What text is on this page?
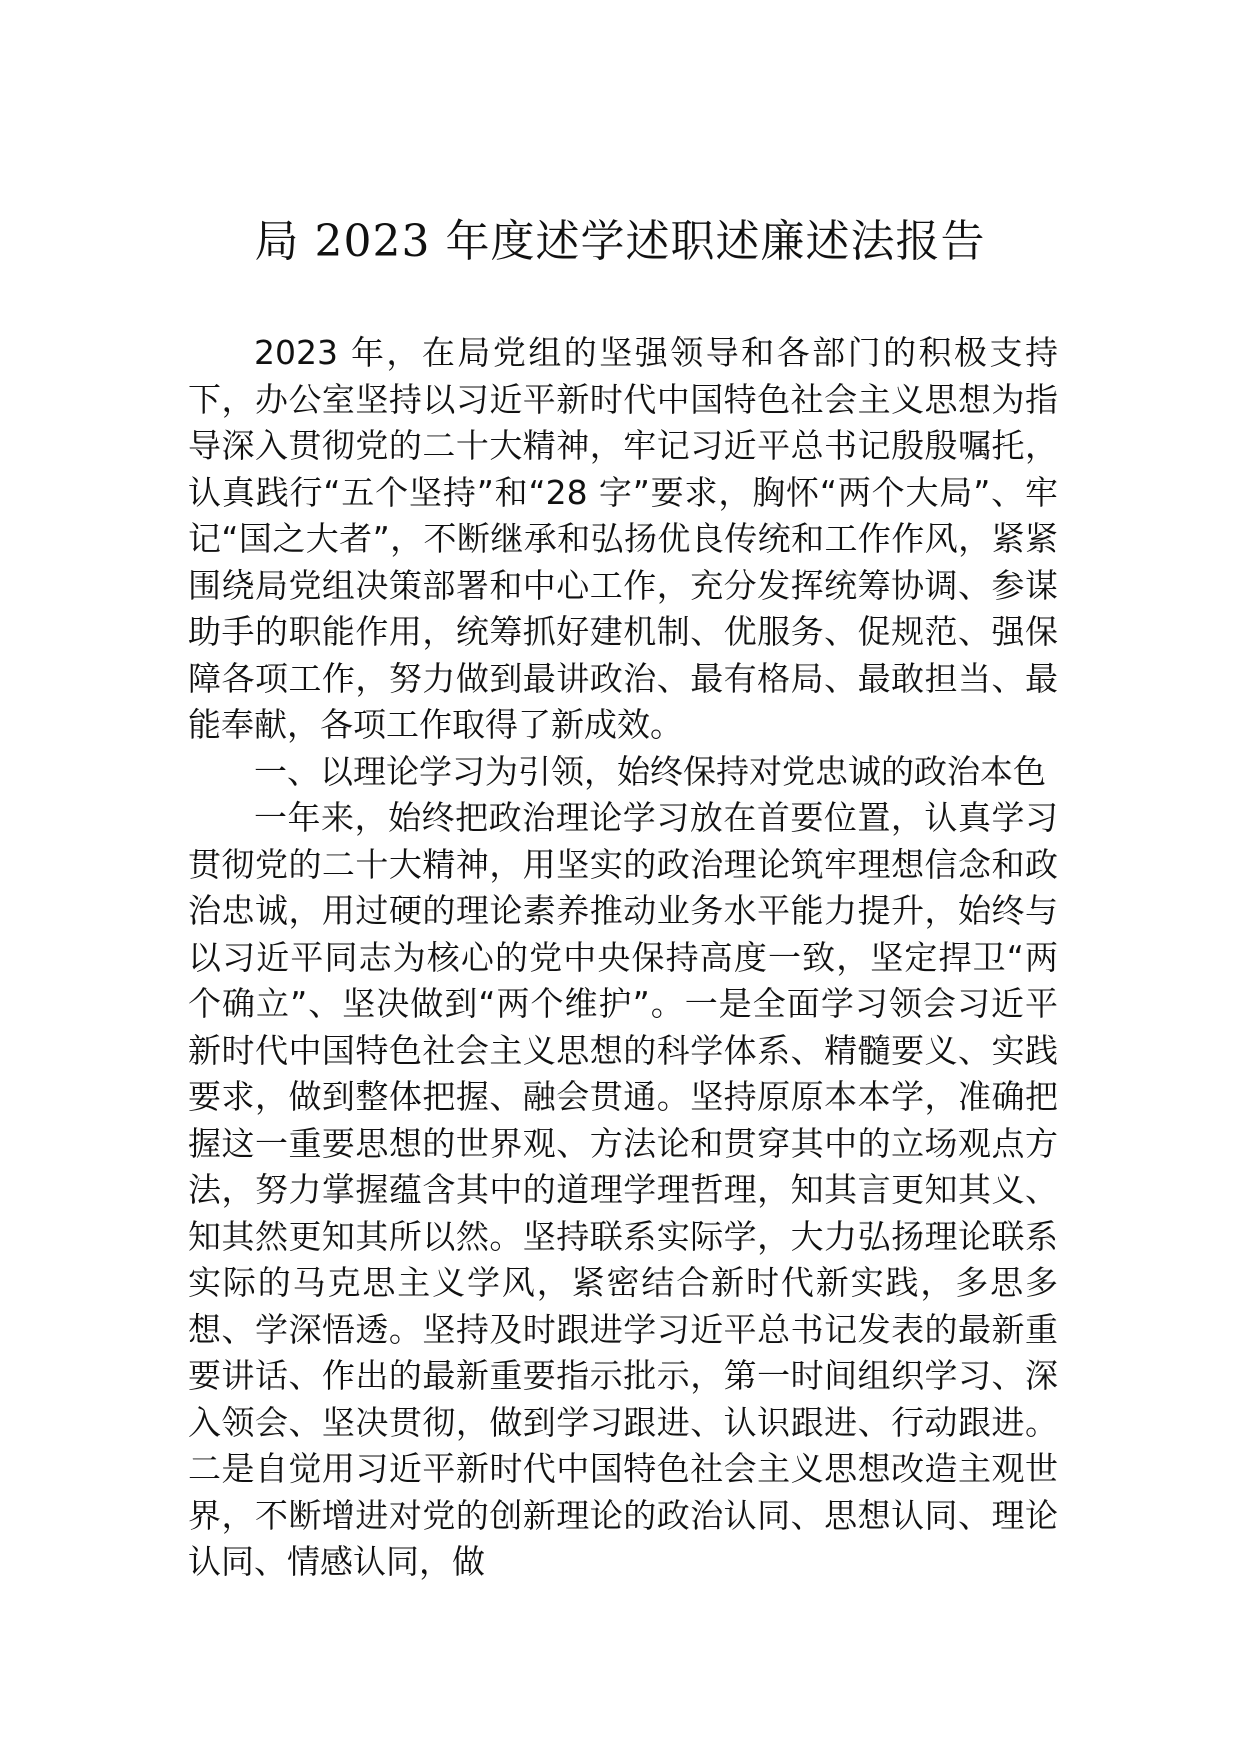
局 2023 年度述学述职述廉述法报告

2023 年，在局党组的坚强领导和各部门的积极支持下，办公室坚持以习近平新时代中国特色社会主义思想为指导深入贯彻党的二十大精神，牢记习近平总书记殷殷嘱托，认真践行“五个坚持”和“28 字”要求，胸怀“两个大局”、牢记“国之大者”，不断继承和弘扬优良传统和工作作风，紧紧围绕局党组决策部署和中心工作，充分发挥统筹协调、参谋助手的职能作用，统筹抓好建机制、优服务、促规范、强保障各项工作，努力做到最讲政治、最有格局、最敢担当、最能奉献，各项工作取得了新成效。

一、以理论学习为引领，始终保持对党忠诚的政治本色

一年来，始终把政治理论学习放在首要位置，认真学习贯彻党的二十大精神，用坚实的政治理论筑牢理想信念和政治忠诚，用过硬的理论素养推动业务水平能力提升，始终与以习近平同志为核心的党中央保持高度一致，坚定捍卫“两个确立”、坚决做到“两个维护”。一是全面学习领会习近平新时代中国特色社会主义思想的科学体系、精髓要义、实践要求，做到整体把握、融会贯通。坚持原原本本学，准确把握这一重要思想的世界观、方法论和贯穿其中的立场观点方法，努力掌握蕴含其中的道理学理哲理，知其言更知其义、知其然更知其所以然。坚持联系实际学，大力弘扬理论联系实际的马克思主义学风，紧密结合新时代新实践，多思多想、学深悟透。坚持及时跟进学习近平总书记发表的最新重要讲话、作出的最新重要指示批示，第一时间组织学习、深入领会、坚决贯彻，做到学习跟进、认识跟进、行动跟进。二是自觉用习近平新时代中国特色社会主义思想改造主观世界，不断增进对党的创新理论的政治认同、思想认同、理论认同、情感认同，做
